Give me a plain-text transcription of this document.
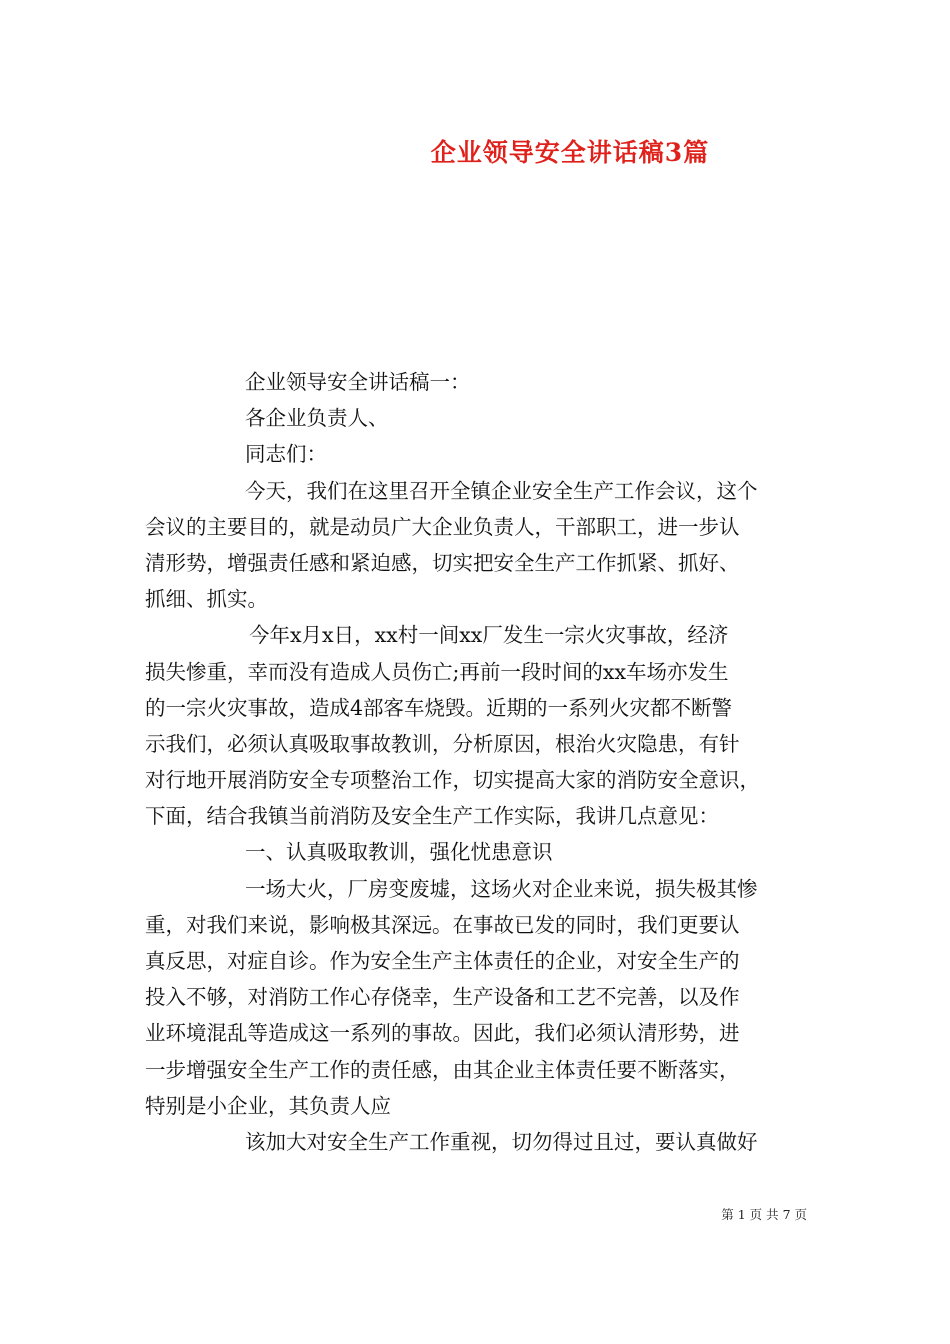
企业领导安全讲话稿3篇
企业领导安全讲话稿一：
各企业负责人、
同志们：
今天，我们在这里召开全镇企业安全生产工作会议，这个
会议的主要目的，就是动员广大企业负责人，干部职工，进一步认
清形势，增强责任感和紧迫感，切实把安全生产工作抓紧、抓好、
抓细、抓实。
今年x月x日，xx村一间xx厂发生一宗火灾事故，经济
损失惨重，幸而没有造成人员伤亡;再前一段时间的xx车场亦发生
的一宗火灾事故，造成4部客车烧毁。近期的一系列火灾都不断警
示我们，必须认真吸取事故教训，分析原因，根治火灾隐患，有针
对行地开展消防安全专项整治工作，切实提高大家的消防安全意识，
下面，结合我镇当前消防及安全生产工作实际，我讲几点意见：
一、认真吸取教训，强化忧患意识
一场大火，厂房变废墟，这场火对企业来说，损失极其惨
重，对我们来说，影响极其深远。在事故已发的同时，我们更要认
真反思，对症自诊。作为安全生产主体责任的企业，对安全生产的
投入不够，对消防工作心存侥幸，生产设备和工艺不完善，以及作
业环境混乱等造成这一系列的事故。因此，我们必须认清形势，进
一步增强安全生产工作的责任感，由其企业主体责任要不断落实，
特别是小企业，其负责人应
该加大对安全生产工作重视，切勿得过且过，要认真做好
第 1 页 共 7 页
